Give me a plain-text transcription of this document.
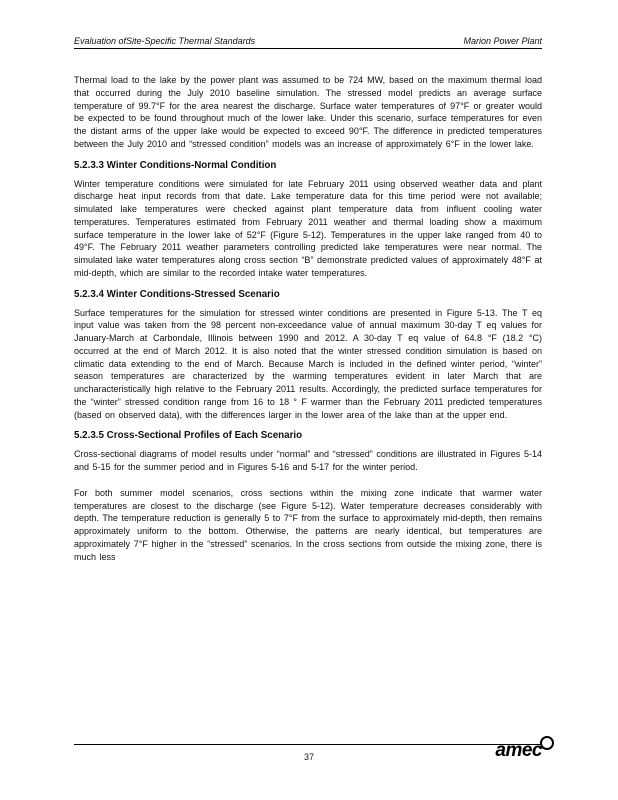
Evaluation ofSite-Specific Thermal Standards	Marion Power Plant

Thermal load to the lake by the power plant was assumed to be 724 MW, based on the maximum thermal load that occurred during the July 2010 baseline simulation. The stressed model predicts an average surface temperature of 99.7°F for the area nearest the discharge. Surface water temperatures of 97°F or greater would be expected to be found throughout much of the lower lake. Under this scenario, surface temperatures for even the distant arms of the upper lake would be expected to exceed 90°F. The difference in predicted temperatures between the July 2010 and “stressed condition” models was an increase of approximately 6°F in the lower lake.

5.2.3.3 Winter Conditions-Normal Condition

Winter temperature conditions were simulated for late February 2011 using observed weather data and plant discharge heat input records from that date. Lake temperature data for this time period were not available; simulated lake temperatures were checked against plant temperature data from influent cooling water temperatures. Temperatures estimated from February 2011 weather and thermal loading show a maximum surface temperature in the lower lake of 52°F (Figure 5-12). Temperatures in the upper lake ranged from 40 to 49°F. The February 2011 weather parameters controlling predicted lake temperatures were near normal. The simulated lake water temperatures along cross section “B” demonstrate predicted values of approximately 48°F at mid-depth, which are similar to the recorded intake water temperatures.

5.2.3.4 Winter Conditions-Stressed Scenario

Surface temperatures for the simulation for stressed winter conditions are presented in Figure 5-13. The T eq input value was taken from the 98 percent non-exceedance value of annual maximum 30-day T eq values for January-March at Carbondale, Illinois between 1990 and 2012. A 30-day T eq value of 64.8 °F (18.2 °C) occurred at the end of March 2012. It is also noted that the winter stressed condition simulation is based on climatic data extending to the end of March. Because March is included in the defined winter period, “winter” season temperatures are characterized by the warming temperatures evident in later March that are uncharacteristically high relative to the February 2011 results. Accordingly, the predicted surface temperatures for the “winter” stressed condition range from 16 to 18 ° F warmer than the February 2011 predicted temperatures (based on observed data), with the differences larger in the lower area of the lake than at the upper end.

5.2.3.5 Cross-Sectional Profiles of Each Scenario

Cross-sectional diagrams of model results under “normal” and “stressed” conditions are illustrated in Figures 5-14 and 5-15 for the summer period and in Figures 5-16 and 5-17 for the winter period.

For both summer model scenarios, cross sections within the mixing zone indicate that warmer water temperatures are closest to the discharge (see Figure 5-12). Water temperature decreases considerably with depth. The temperature reduction is generally 5 to 7°F from the surface to approximately mid-depth, then remains approximately uniform to the bottom. Otherwise, the patterns are nearly identical, but temperatures are approximately 7°F higher in the “stressed” scenarios. In the cross sections from outside the mixing zone, there is much less

37	amec
